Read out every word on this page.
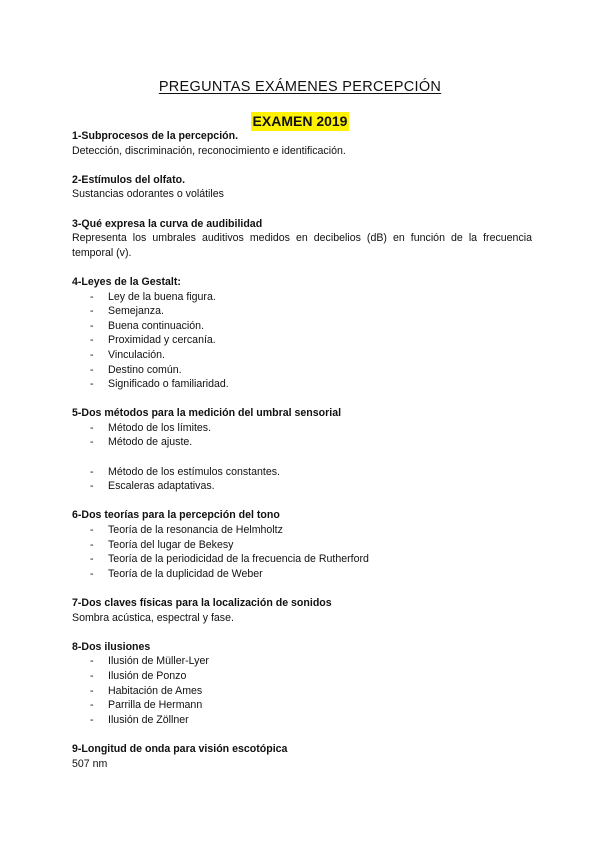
PREGUNTAS EXÁMENES PERCEPCIÓN
EXAMEN 2019
1-Subprocesos de la percepción.
Detección, discriminación, reconocimiento e identificación.
2-Estímulos del olfato.
Sustancias odorantes o volátiles
3-Qué expresa la curva de audibilidad
Representa los umbrales auditivos medidos en decibelios (dB) en función de la frecuencia temporal (v).
4-Leyes de la Gestalt:
- Ley de la buena figura.
- Semejanza.
- Buena continuación.
- Proximidad y cercanía.
- Vinculación.
- Destino común.
- Significado o familiaridad.
5-Dos métodos para la medición del umbral sensorial
- Método de los límites.
- Método de ajuste.
- Método de los estímulos constantes.
- Escaleras adaptativas.
6-Dos teorías para la percepción del tono
- Teoría de la resonancia de Helmholtz
- Teoría del lugar de Bekesy
- Teoría de la periodicidad de la frecuencia de Rutherford
- Teoría de la duplicidad de Weber
7-Dos claves físicas para la localización de sonidos
Sombra acústica, espectral y fase.
8-Dos ilusiones
- Ilusión de Müller-Lyer
- Ilusión de Ponzo
- Habitación de Ames
- Parrilla de Hermann
- Ilusión de Zöllner
9-Longitud de onda para visión escotópica
507 nm
